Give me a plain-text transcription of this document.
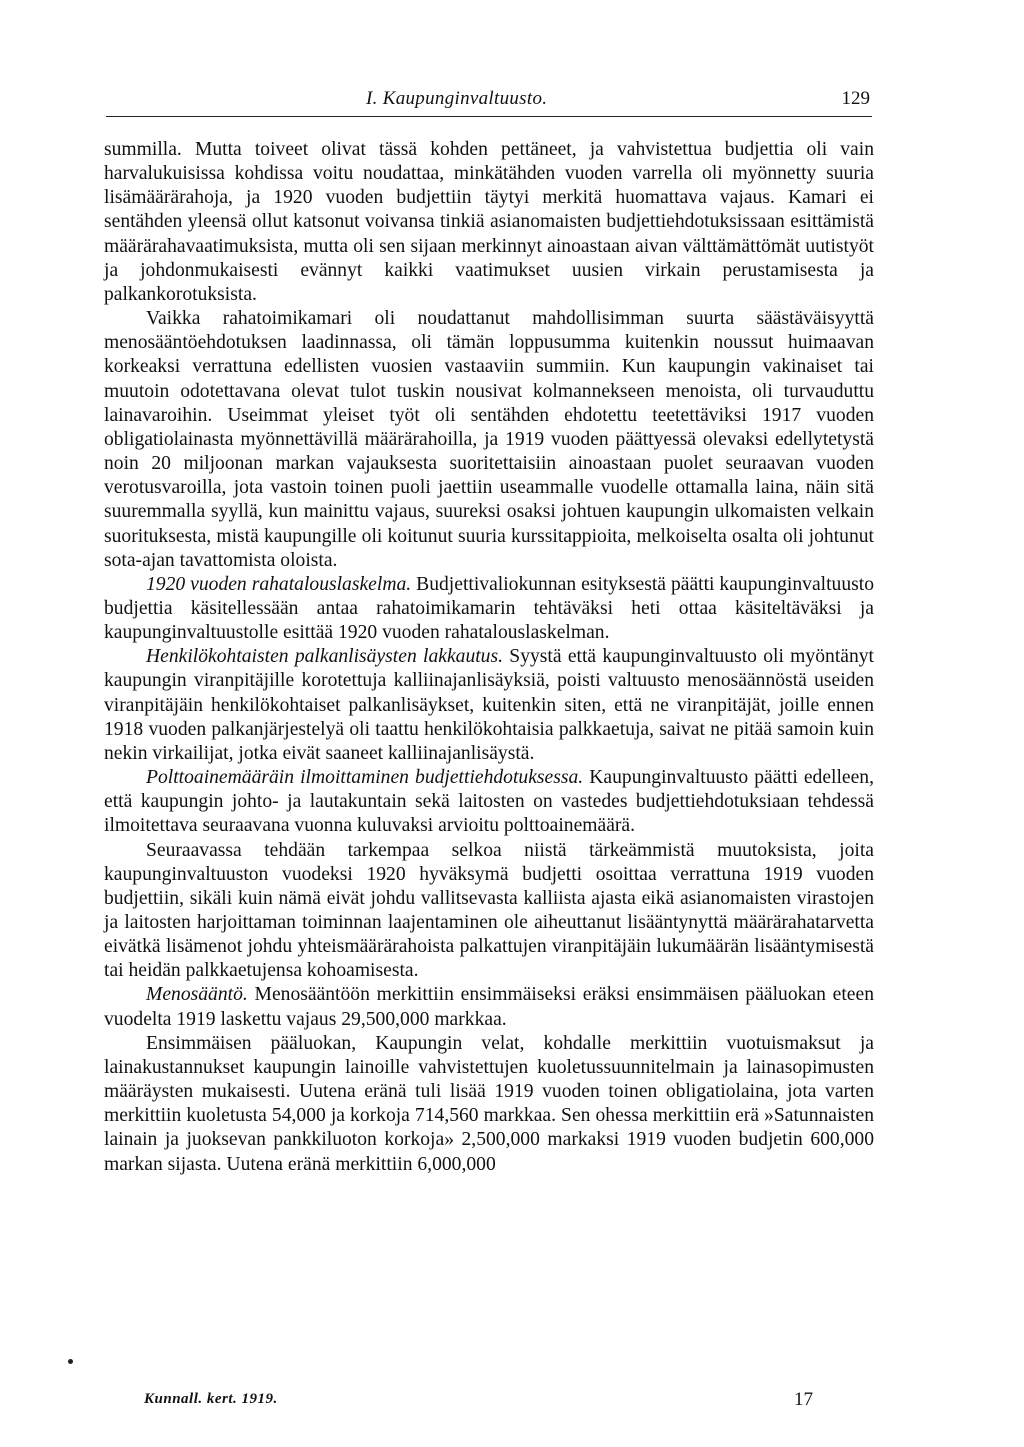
I. Kaupunginvaltuusto.	129

summilla. Mutta toiveet olivat tässä kohden pettäneet, ja vahvistettua budjettia oli vain harvalukuisissa kohdissa voitu noudattaa, minkätähden vuoden varrella oli myönnetty suuria lisämäärärahoja, ja 1920 vuoden budjettiin täytyi merkitä huomattava vajaus. Kamari ei sentähden yleensä ollut katsonut voivansa tinkiä asianomaisten budjettiehdotuksissaan esittämistä määrärahavaatimuksista, mutta oli sen sijaan merkinnyt ainoastaan aivan välttämättömät uutistyöt ja johdonmukaisesti evännyt kaikki vaatimukset uusien virkain perustamisesta ja palkankorotuksista.

Vaikka rahatoimikamari oli noudattanut mahdollisimman suurta säästäväisyyttä menosääntöehdotuksen laadinnassa, oli tämän loppusumma kuitenkin noussut huimaavan korkeaksi verrattuna edellisten vuosien vastaaviin summiin. Kun kaupungin vakinaiset tai muutoin odotettavana olevat tulot tuskin nousivat kolmannekseen menoista, oli turvauduttu lainavaroihin. Useimmat yleiset työt oli sentähden ehdotettu teetettäviksi 1917 vuoden obligatiolainasta myönnettävillä määrärahoilla, ja 1919 vuoden päättyessä olevaksi edellytetystä noin 20 miljoonan markan vajauksesta suoritettaisiin ainoastaan puolet seuraavan vuoden verotusvaroilla, jota vastoin toinen puoli jaettiin useammalle vuodelle ottamalla laina, näin sitä suuremmalla syyllä, kun mainittu vajaus, suureksi osaksi johtuen kaupungin ulkomaisten velkain suorituksesta, mistä kaupungille oli koitunut suuria kurssitappioita, melkoiselta osalta oli johtunut sota-ajan tavattomista oloista.

1920 vuoden rahatalouslaskelma. Budjettivaliokunnan esityksestä päätti kaupunginvaltuusto budjettia käsitellessään antaa rahatoimikamarin tehtäväksi heti ottaa käsiteltäväksi ja kaupunginvaltuustolle esittää 1920 vuoden rahatalouslaskelman.

Henkilökohtaisten palkanlisäysten lakkautus. Syystä että kaupunginvaltuusto oli myöntänyt kaupungin viranpitäjille korotettuja kalliinajanlisäyksiä, poisti valtuusto menosäännöstä useiden viranpitäjäin henkilökohtaiset palkanlisäykset, kuitenkin siten, että ne viranpitäjät, joille ennen 1918 vuoden palkanjärjestelyä oli taattu henkilökohtaisia palkkaetuja, saivat ne pitää samoin kuin nekin virkailijat, jotka eivät saaneet kalliinajanlisäystä.

Polttoainemääräin ilmoittaminen budjettiehdotuksessa. Kaupunginvaltuusto päätti edelleen, että kaupungin johto- ja lautakuntain sekä laitosten on vastedes budjettiehdotuksiaan tehdessä ilmoitettava seuraavana vuonna kuluvaksi arvioitu polttoainemäärä.

Seuraavassa tehdään tarkempaa selkoa niistä tärkeämmistä muutoksista, joita kaupunginvaltuuston vuodeksi 1920 hyväksymä budjetti osoittaa verrattuna 1919 vuoden budjettiin, sikäli kuin nämä eivät johdu vallitsevasta kalliista ajasta eikä asianomaisten virastojen ja laitosten harjoittaman toiminnan laajentaminen ole aiheuttanut lisääntynyttä määrärahatarvetta eivätkä lisämenot johdu yhteismäärärahoista palkattujen viranpitäjäin lukumäärän lisääntymisestä tai heidän palkkaetujensa kohoamisesta.

Menosääntö. Menosääntöön merkittiin ensimmäiseksi eräksi ensimmäisen pääluokan eteen vuodelta 1919 laskettu vajaus 29,500,000 markkaa.

Ensimmäisen pääluokan, Kaupungin velat, kohdalle merkittiin vuotuismaksut ja lainakustannukset kaupungin lainoille vahvistettujen kuoletussuunnitelmain ja lainasopimusten määräysten mukaisesti. Uutena eränä tuli lisää 1919 vuoden toinen obligatiolaina, jota varten merkittiin kuoletusta 54,000 ja korkoja 714,560 markkaa. Sen ohessa merkittiin erä »Satunnaisten lainain ja juoksevan pankkiluoton korkoja» 2,500,000 markaksi 1919 vuoden budjetin 600,000 markan sijasta. Uutena eränä merkittiin 6,000,000

Kunnall. kert. 1919.	17
